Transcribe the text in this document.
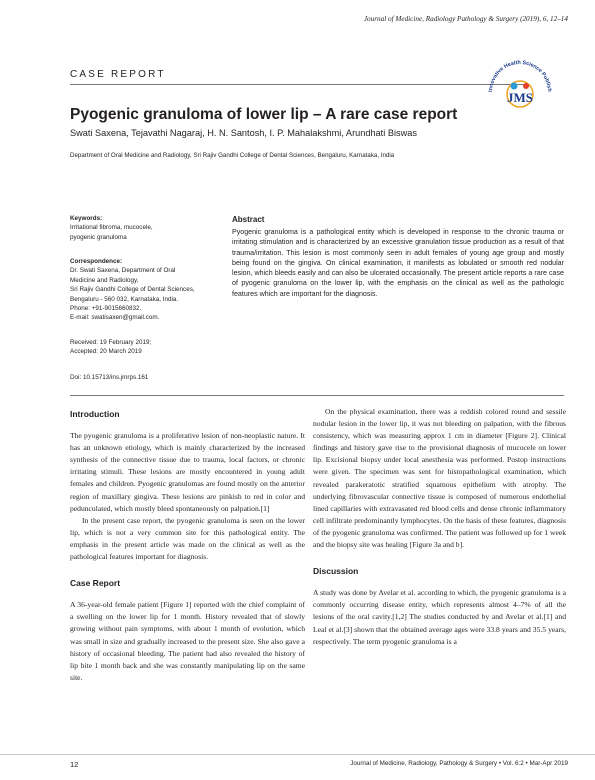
Journal of Medicine, Radiology Pathology & Surgery (2019), 6, 12–14
CASE REPORT
Innovative Health Science Publish
JMS
Pyogenic granuloma of lower lip – A rare case report
Swati Saxena, Tejavathi Nagaraj, H. N. Santosh, I. P. Mahalakshmi, Arundhati Biswas
Department of Oral Medicine and Radiology, Sri Rajiv Gandhi College of Dental Sciences, Bengaluru, Karnataka, India
Keywords:
Irritational fibroma, mucocele,
pyogenic granuloma
Correspondence:
Dr. Swati Saxena, Department of Oral
Medicine and Radiology,
Sri Rajiv Gandhi College of Dental Sciences,
Bengaluru - 560 032, Karnataka, India.
Phone: +91-9015660832.
E-mail: swatisaxen@gmail.com.
Received: 19 February 2019;
Accepted: 20 March 2019
Doi: 10.15713/ins.jmrps.161
Abstract
Pyogenic granuloma is a pathological entity which is developed in response to the chronic trauma or irritating stimulation and is characterized by an excessive granulation tissue production as a result of that trauma/irritation. This lesion is most commonly seen in adult females of young age group and mostly being found on the gingiva. On clinical examination, it manifests as lobulated or smooth red nodular lesion, which bleeds easily and can also be ulcerated occasionally. The present article reports a rare case of pyogenic granuloma on the lower lip, with the emphasis on the clinical as well as the pathologic features which are important for the diagnosis.
Introduction

The pyogenic granuloma is a proliferative lesion of non-neoplastic nature. It has an unknown etiology, which is mainly characterized by the increased synthesis of the connective tissue due to trauma, local factors, or chronic irritating stimuli. These lesions are mostly encountered in young adult females and children. Pyogenic granulomas are found mostly on the anterior region of maxillary gingiva. These lesions are pinkish to red in color and pedunculated, which mostly bleed spontaneously on palpation.[1]

In the present case report, the pyogenic granuloma is seen on the lower lip, which is not a very common site for this pathological entity. The emphasis in the present article was made on the clinical as well as the pathological features important for diagnosis.

Case Report

A 36-year-old female patient [Figure 1] reported with the chief complaint of a swelling on the lower lip for 1 month. History revealed that of slowly growing without pain symptoms, with about 1 month of evolution, which was small in size and gradually increased to the present size. She also gave a history of occasional bleeding. The patient had also revealed the history of lip bite 1 month back and she was constantly manipulating lip on the same site.

On the physical examination, there was a reddish colored round and sessile nodular lesion in the lower lip, it was not bleeding on palpation, with the fibrous consistency, which was measuring approx 1 cm in diameter [Figure 2]. Clinical findings and history gave rise to the provisional diagnosis of mucocele on lower lip. Excisional biopsy under local anesthesia was performed. Postop instructions were given. The specimen was sent for histopathological examination, which revealed parakeratotic stratified squamous epithelium with atrophy. The underlying fibrovascular connective tissue is composed of numerous endothelial lined capillaries with extravasated red blood cells and dense chronic inflammatory cell infiltrate predominantly lymphocytes. On the basis of these features, diagnosis of the pyogenic granuloma was confirmed. The patient was followed up for 1 week and the biopsy site was healing [Figure 3a and b].

Discussion

A study was done by Avelar et al. according to which, the pyogenic granuloma is a commonly occurring disease entity, which represents almost 4–7% of all the lesions of the oral cavity.[1,2] The studies conducted by and Avelar et al.[1] and Leal et al.[3] shown that the obtained average ages were 33.8 years and 35.5 years, respectively. The term pyogenic granuloma is a

12	Journal of Medicine, Radiology, Pathology & Surgery • Vol. 6:2 • Mar-Apr 2019
